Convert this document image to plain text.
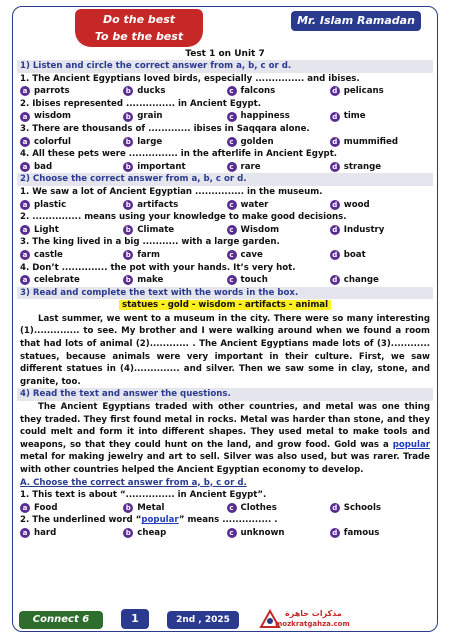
Do the best
To be the best
Mr. Islam Ramadan
Test 1 on Unit 7
1) Listen and circle the correct answer from a, b, c or d.
1. The Ancient Egyptians loved birds, especially ............... and ibises.
a parrots	b ducks	c falcons	d pelicans
2. Ibises represented ............... in Ancient Egypt.
a wisdom	b grain	c happiness	d time
3. There are thousands of ............. ibises in Saqqara alone.
a colorful	b large	c golden	d mummified
4. All these pets were ............... in the afterlife in Ancient Egypt.
a bad	b important	c rare	d strange
2) Choose the correct answer from a, b, c or d.
1. We saw a lot of Ancient Egyptian ............... in the museum.
a plastic	b artifacts	c water	d wood
2. ............... means using your knowledge to make good decisions.
a Light	b Climate	c Wisdom	d Industry
3. The king lived in a big ........... with a large garden.
a castle	b farm	c cave	d boat
4. Don’t .............. the pot with your hands. It’s very hot.
a celebrate	b make	c touch	d change
3) Read and complete the text with the words in the box.
statues - gold - wisdom - artifacts - animal
Last summer, we went to a museum in the city. There were so many interesting (1).............. to see. My brother and I were walking around when we found a room that had lots of animal (2)............ . The Ancient Egyptians made lots of (3)............ statues, because animals were very important in their culture. First, we saw different statues in (4).............. and silver. Then we saw some in clay, stone, and granite, too.
4) Read the text and answer the questions.
The Ancient Egyptians traded with other countries, and metal was one thing they traded. They first found metal in rocks. Metal was harder than stone, and they could melt and form it into different shapes. They used metal to make tools and weapons, so that they could hunt on the land, and grow food. Gold was a popular metal for making jewelry and art to sell. Silver was also used, but was rarer. Trade with other countries helped the Ancient Egyptian economy to develop.
A. Choose the correct answer from a, b, c or d.
1. This text is about “............... in Ancient Egypt”.
a Food	b Metal	c Clothes	d Schools
2. The underlined word “popular” means ............... .
a hard	b cheap	c unknown	d famous
Connect 6	1	2nd , 2025
مذكرات جاهزة
mozkratgahza.com
